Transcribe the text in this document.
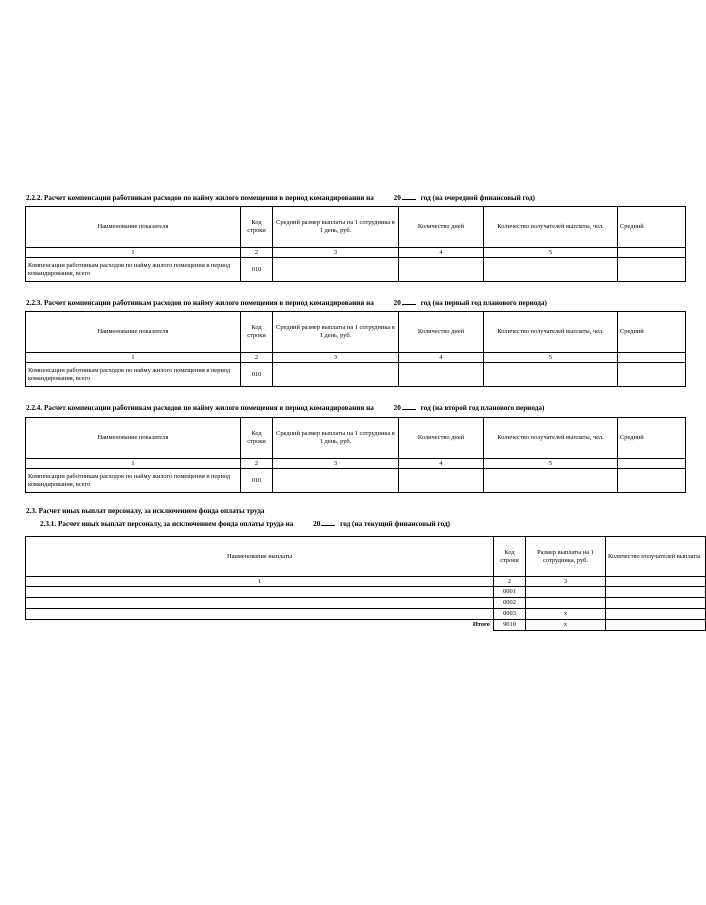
2.2.2. Расчет компенсации работникам расходов по найму жилого помещения в период командирования на	20	год (на очередной финансовый год)
Наименование показателя	Код строки	Средний размер выплаты на 1 сотрудника в 1 день, руб.	Количество дней	Количество получателей выплаты, чел.	Средний
1	2	3	4	5	
Компенсации работникам расходов по найму жилого помещения в период командирования, всего	010				
2.2.3. Расчет компенсации работникам расходов по найму жилого помещения в период командирования на	20	год (на первый год планового периода)
Наименование показателя	Код строки	Средний размер выплаты на 1 сотрудника в 1 день, руб.	Количество дней	Количество получателей выплаты, чел.	Средний
1	2	3	4	5	
Компенсации работникам расходов по найму жилого помещения в период командирования, всего	010				
2.2.4. Расчет компенсации работникам расходов по найму жилого помещения в период командирования на	20	год (на второй год планового периода)
Наименование показателя	Код строки	Средний размер выплаты на 1 сотрудника в 1 день, руб.	Количество дней	Количество получателей выплаты, чел.	Средний
1	2	3	4	5	
Компенсации работникам расходов по найму жилого помещения в период командирования, всего	010				
2.3. Расчет иных выплат персоналу, за исключением фонда оплаты труда
2.3.1. Расчет иных выплат персоналу, за исключением фонда оплаты труда на	20	год (на текущий финансовый год)
Наименование выплаты	Код строки	Размер выплаты на 1 сотрудника, руб.	Количество получателей выплаты
1	2	3	
	0001		
	0002		
	0003	x	
Итого	9010	x	
